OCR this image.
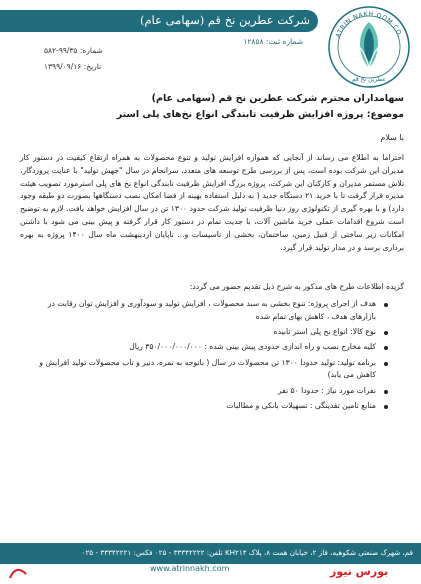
شرکت عطرین نخ قم (سهامی عام)
شماره ثبت: ۱۲۸۵۸
ATRIN NAKH QOM CO.
عطرین نخ قم
شماره: ۹۹/۳۵-۵۸۲
تاریخ: ۱۳۹۹/۰۹/۱۶
سهامداران محترم شرکت عطرین نخ قم (سهامی عام)
موضوع: پروژه افزایش ظرفیت تابندگی انواع نخ‌های پلی استر
با سلام

احتراما به اطلاع می رساند از آنجایی که همواره افزایش تولید و تنوع محصولات به همراه ارتقاع کیفیت در دستور کار مدیران این شرکت بوده است، پس از بررسی طرح توسعه های متعدد، سرانجام در سال "جهش تولید" با عنایت پروردگار، تلاش مستمر مدیران و کارکنان این شرکت، پروژه بزرگ افزایش ظرفیت تابندگی انواع نخ های پلی استرمورد تصویب هیئت مدیره قرار گرفت تا با خرید ۲۱ دستگاه جدید ( به دلیل استفاده بهینه از فضا امکان نصب دستگاهها بصورت دو طبقه وجود دارد) و با بهره گیری از تکنولوژی روز دنیا ظرفیت تولید شرکت حدود ۱۳۰۰ تن در سال افزایش خواهد یافت. لازم به توضیح است شروع اقدامات عملی خرید ماشین آلات، با جدیت تمام در دستور کار قرار گرفته و پیش بینی می شود با داشتن امکانات زیر ساختی از قبیل زمین، ساختمان، بخشی از تاسیسات و... تاپایان اردیبهشت ماه سال ۱۴۰۰ پروژه به بهره برداری برسد و در مدار تولید قرار گیرد.

گزیده اطلاعات طرح های مذکور به شرح ذیل تقدیم حضور می گردد:
هدف از اجرای پروژه: تنوع بخشی به سبد محصولات ، افزایش تولید و سودآوری و افزایش توان رقابت در بازارهای هدف ، کاهش بهای تمام شده
نوع کالا: انواع نخ پلی استر تابیده
کلیه مخارج نصب و راه اندازی حدودی پیش بینی شده : ۳۵۰/۰۰۰/۰۰۰/۰۰۰ ریال
برنامه تولید: تولید حدودا ۱۳۰۰ تن محصولات در سال ( باتوجه به نمره، دنیر و تاب محصولات تولید افزایش و کاهش می یابد)
نفرات مورد نیاز : حدودا ۵۰ نفر
منابع تامین تقدینگی : تسهیلات بانکی و مطالبات
قم، شهرک صنعتی شکوهیه، فاز ۲، خیابان همت ۸، پلاک KH۲۱۴ تلفن: ۳۳۳۴۲۲۲۲ - ۰۲۵ فکس: ۳۳۳۴۲۲۲۱ - ۰۲۵
www.atrinnakh.com	بورس نیوز
